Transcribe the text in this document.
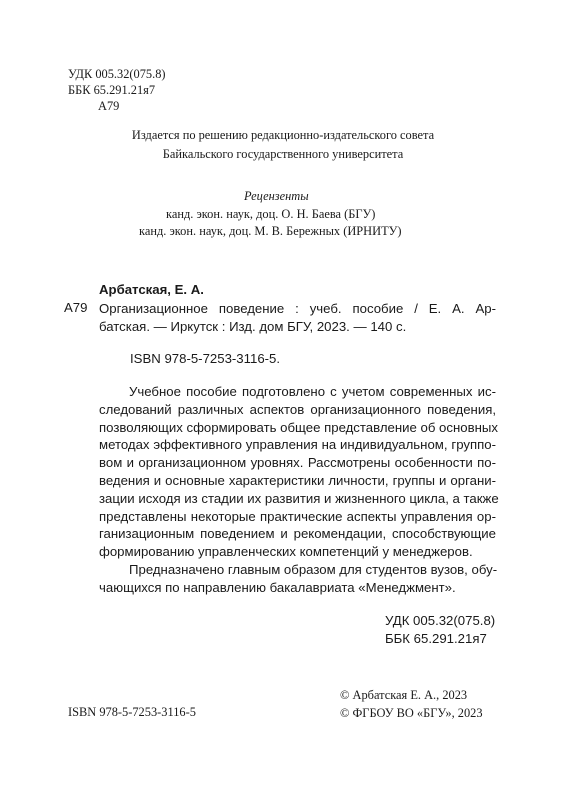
УДК 005.32(075.8)
ББК 65.291.21я7
А79
Издается по решению редакционно-издательского совета
Байкальского государственного университета
Рецензенты
канд. экон. наук, доц. О. Н. Баева (БГУ)
канд. экон. наук, доц. М. В. Бережных (ИРНИТУ)
Арбатская, Е. А.
А79 Организационное поведение : учеб. пособие / Е. А. Ар-
батская. — Иркутск : Изд. дом БГУ, 2023. — 140 с.
ISBN 978-5-7253-3116-5.
Учебное пособие подготовлено с учетом современных ис-
следований различных аспектов организационного поведения,
позволяющих сформировать общее представление об основных
методах эффективного управления на индивидуальном, группо-
вом и организационном уровнях. Рассмотрены особенности по-
ведения и основные характеристики личности, группы и органи-
зации исходя из стадии их развития и жизненного цикла, а также
представлены некоторые практические аспекты управления ор-
ганизационным поведением и рекомендации, способствующие
формированию управленческих компетенций у менеджеров.
Предназначено главным образом для студентов вузов, обу-
чающихся по направлению бакалавриата «Менеджмент».
УДК 005.32(075.8)
ББК 65.291.21я7
ISBN 978-5-7253-3116-5
© Арбатская Е. А., 2023
© ФГБОУ ВО «БГУ», 2023
